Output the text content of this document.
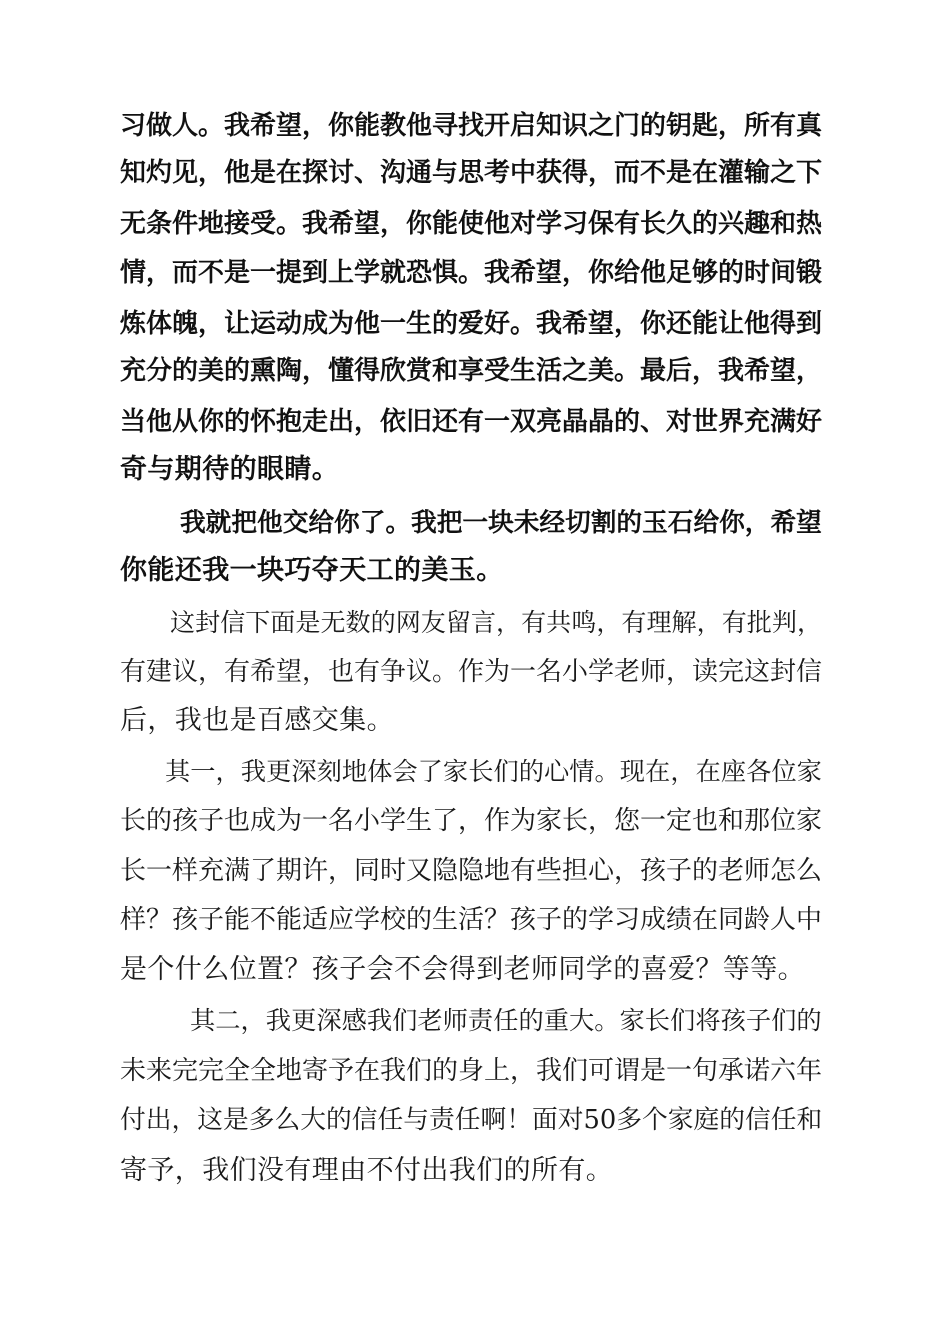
习做人。我希望，你能教他寻找开启知识之门的钥匙，所有真
知灼见，他是在探讨、沟通与思考中获得，而不是在灌输之下
无条件地接受。我希望，你能使他对学习保有长久的兴趣和热
情，而不是一提到上学就恐惧。我希望，你给他足够的时间锻
炼体魄，让运动成为他一生的爱好。我希望，你还能让他得到
充分的美的熏陶，懂得欣赏和享受生活之美。最后，我希望，
当他从你的怀抱走出，依旧还有一双亮晶晶的、对世界充满好
奇与期待的眼睛。
我就把他交给你了。我把一块未经切割的玉石给你，希望
你能还我一块巧夺天工的美玉。
这封信下面是无数的网友留言，有共鸣，有理解，有批判，
有建议，有希望，也有争议。作为一名小学老师，读完这封信
后，我也是百感交集。
其一，我更深刻地体会了家长们的心情。现在，在座各位家
长的孩子也成为一名小学生了，作为家长，您一定也和那位家
长一样充满了期许，同时又隐隐地有些担心，孩子的老师怎么
样？孩子能不能适应学校的生活？孩子的学习成绩在同龄人中
是个什么位置？孩子会不会得到老师同学的喜爱？等等。
其二，我更深感我们老师责任的重大。家长们将孩子们的
未来完完全全地寄予在我们的身上，我们可谓是一句承诺六年
付出，这是多么大的信任与责任啊！面对50多个家庭的信任和
寄予，我们没有理由不付出我们的所有。
